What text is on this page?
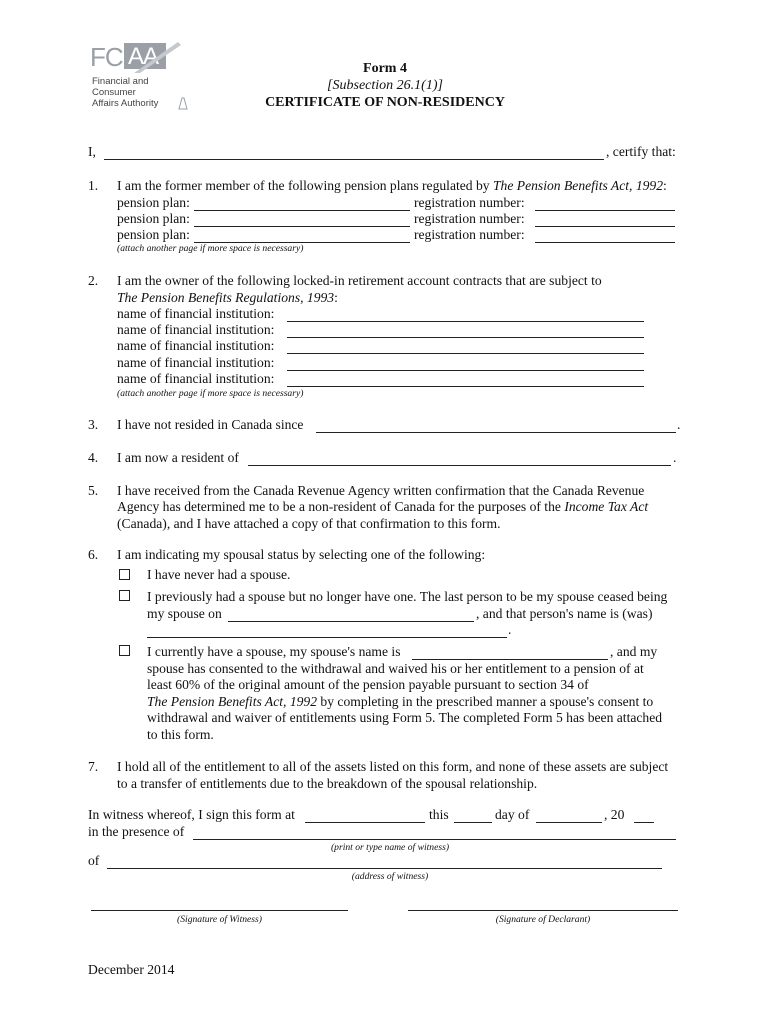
FC AA
Financial and
Consumer
Affairs Authority
Form 4
[Subsection 26.1(1)]
CERTIFICATE OF NON-RESIDENCY
I,	, certify that:
1. I am the former member of the following pension plans regulated by The Pension Benefits Act, 1992:
pension plan:	registration number:
pension plan:	registration number:
pension plan:	registration number:
(attach another page if more space is necessary)
2. I am the owner of the following locked-in retirement account contracts that are subject to
The Pension Benefits Regulations, 1993:
name of financial institution:
name of financial institution:
name of financial institution:
name of financial institution:
name of financial institution:
(attach another page if more space is necessary)
3. I have not resided in Canada since	.
4. I am now a resident of	.
5. I have received from the Canada Revenue Agency written confirmation that the Canada Revenue
Agency has determined me to be a non-resident of Canada for the purposes of the Income Tax Act
(Canada), and I have attached a copy of that confirmation to this form.
6. I am indicating my spousal status by selecting one of the following:
I have never had a spouse.
I previously had a spouse but no longer have one. The last person to be my spouse ceased being
my spouse on	, and that person's name is (was)
.
I currently have a spouse, my spouse's name is	, and my
spouse has consented to the withdrawal and waived his or her entitlement to a pension of at
least 60% of the original amount of the pension payable pursuant to section 34 of
The Pension Benefits Act, 1992 by completing in the prescribed manner a spouse's consent to
withdrawal and waiver of entitlements using Form 5. The completed Form 5 has been attached
to this form.
7. I hold all of the entitlement to all of the assets listed on this form, and none of these assets are subject
to a transfer of entitlements due to the breakdown of the spousal relationship.
In witness whereof, I sign this form at	this	day of	, 20
in the presence of
(print or type name of witness)
of
(address of witness)
(Signature of Witness)	(Signature of Declarant)
December 2014
